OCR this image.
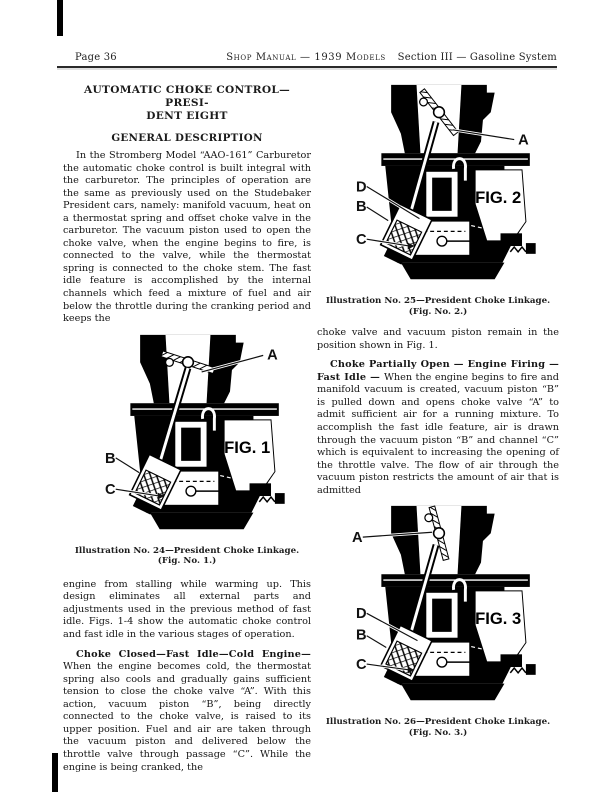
Page 36	Shop Manual — 1939 Models	Section III — Gasoline System
AUTOMATIC CHOKE CONTROL—PRESI-
DENT EIGHT
GENERAL DESCRIPTION

In the Stromberg Model “AAO-161” Carburetor the automatic choke control is built integral with the carburetor. The principles of operation are the same as previously used on the Studebaker President cars, namely: manifold vacuum, heat on a thermostat spring and offset choke valve in the carburetor. The vacuum piston used to open the choke valve, when the engine begins to fire, is connected to the valve, while the thermostat spring is connected to the choke stem. The fast idle feature is accomplished by the internal channels which feed a mixture of fuel and air below the throttle during the cranking period and keeps the

FIG. 1
A
B
C
Illustration No. 24—President Choke Linkage.
(Fig. No. 1.)

engine from stalling while warming up. This design eliminates all external parts and adjustments used in the previous method of fast idle. Figs. 1-4 show the automatic choke control and fast idle in the various stages of operation.

Choke Closed—Fast Idle—Cold Engine—When the engine becomes cold, the thermostat spring also cools and gradually gains sufficient tension to close the choke valve “A”. With this action, vacuum piston “B”, being directly connected to the choke valve, is raised to its upper position. Fuel and air are taken through the vacuum piston and delivered below the throttle valve through passage “C”. While the engine is being cranked, the

FIG. 2
A
D
B
C
Illustration No. 25—President Choke Linkage.
(Fig. No. 2.)

choke valve and vacuum piston remain in the position shown in Fig. 1.

Choke Partially Open — Engine Firing — Fast Idle — When the engine begins to fire and manifold vacuum is created, vacuum piston “B” is pulled down and opens choke valve “A” to admit sufficient air for a running mixture. To accomplish the fast idle feature, air is drawn through the vacuum piston “B” and channel “C” which is equivalent to increasing the opening of the throttle valve. The flow of air through the vacuum piston restricts the amount of air that is admitted

FIG. 3
A
D
B
C
Illustration No. 26—President Choke Linkage.
(Fig. No. 3.)
